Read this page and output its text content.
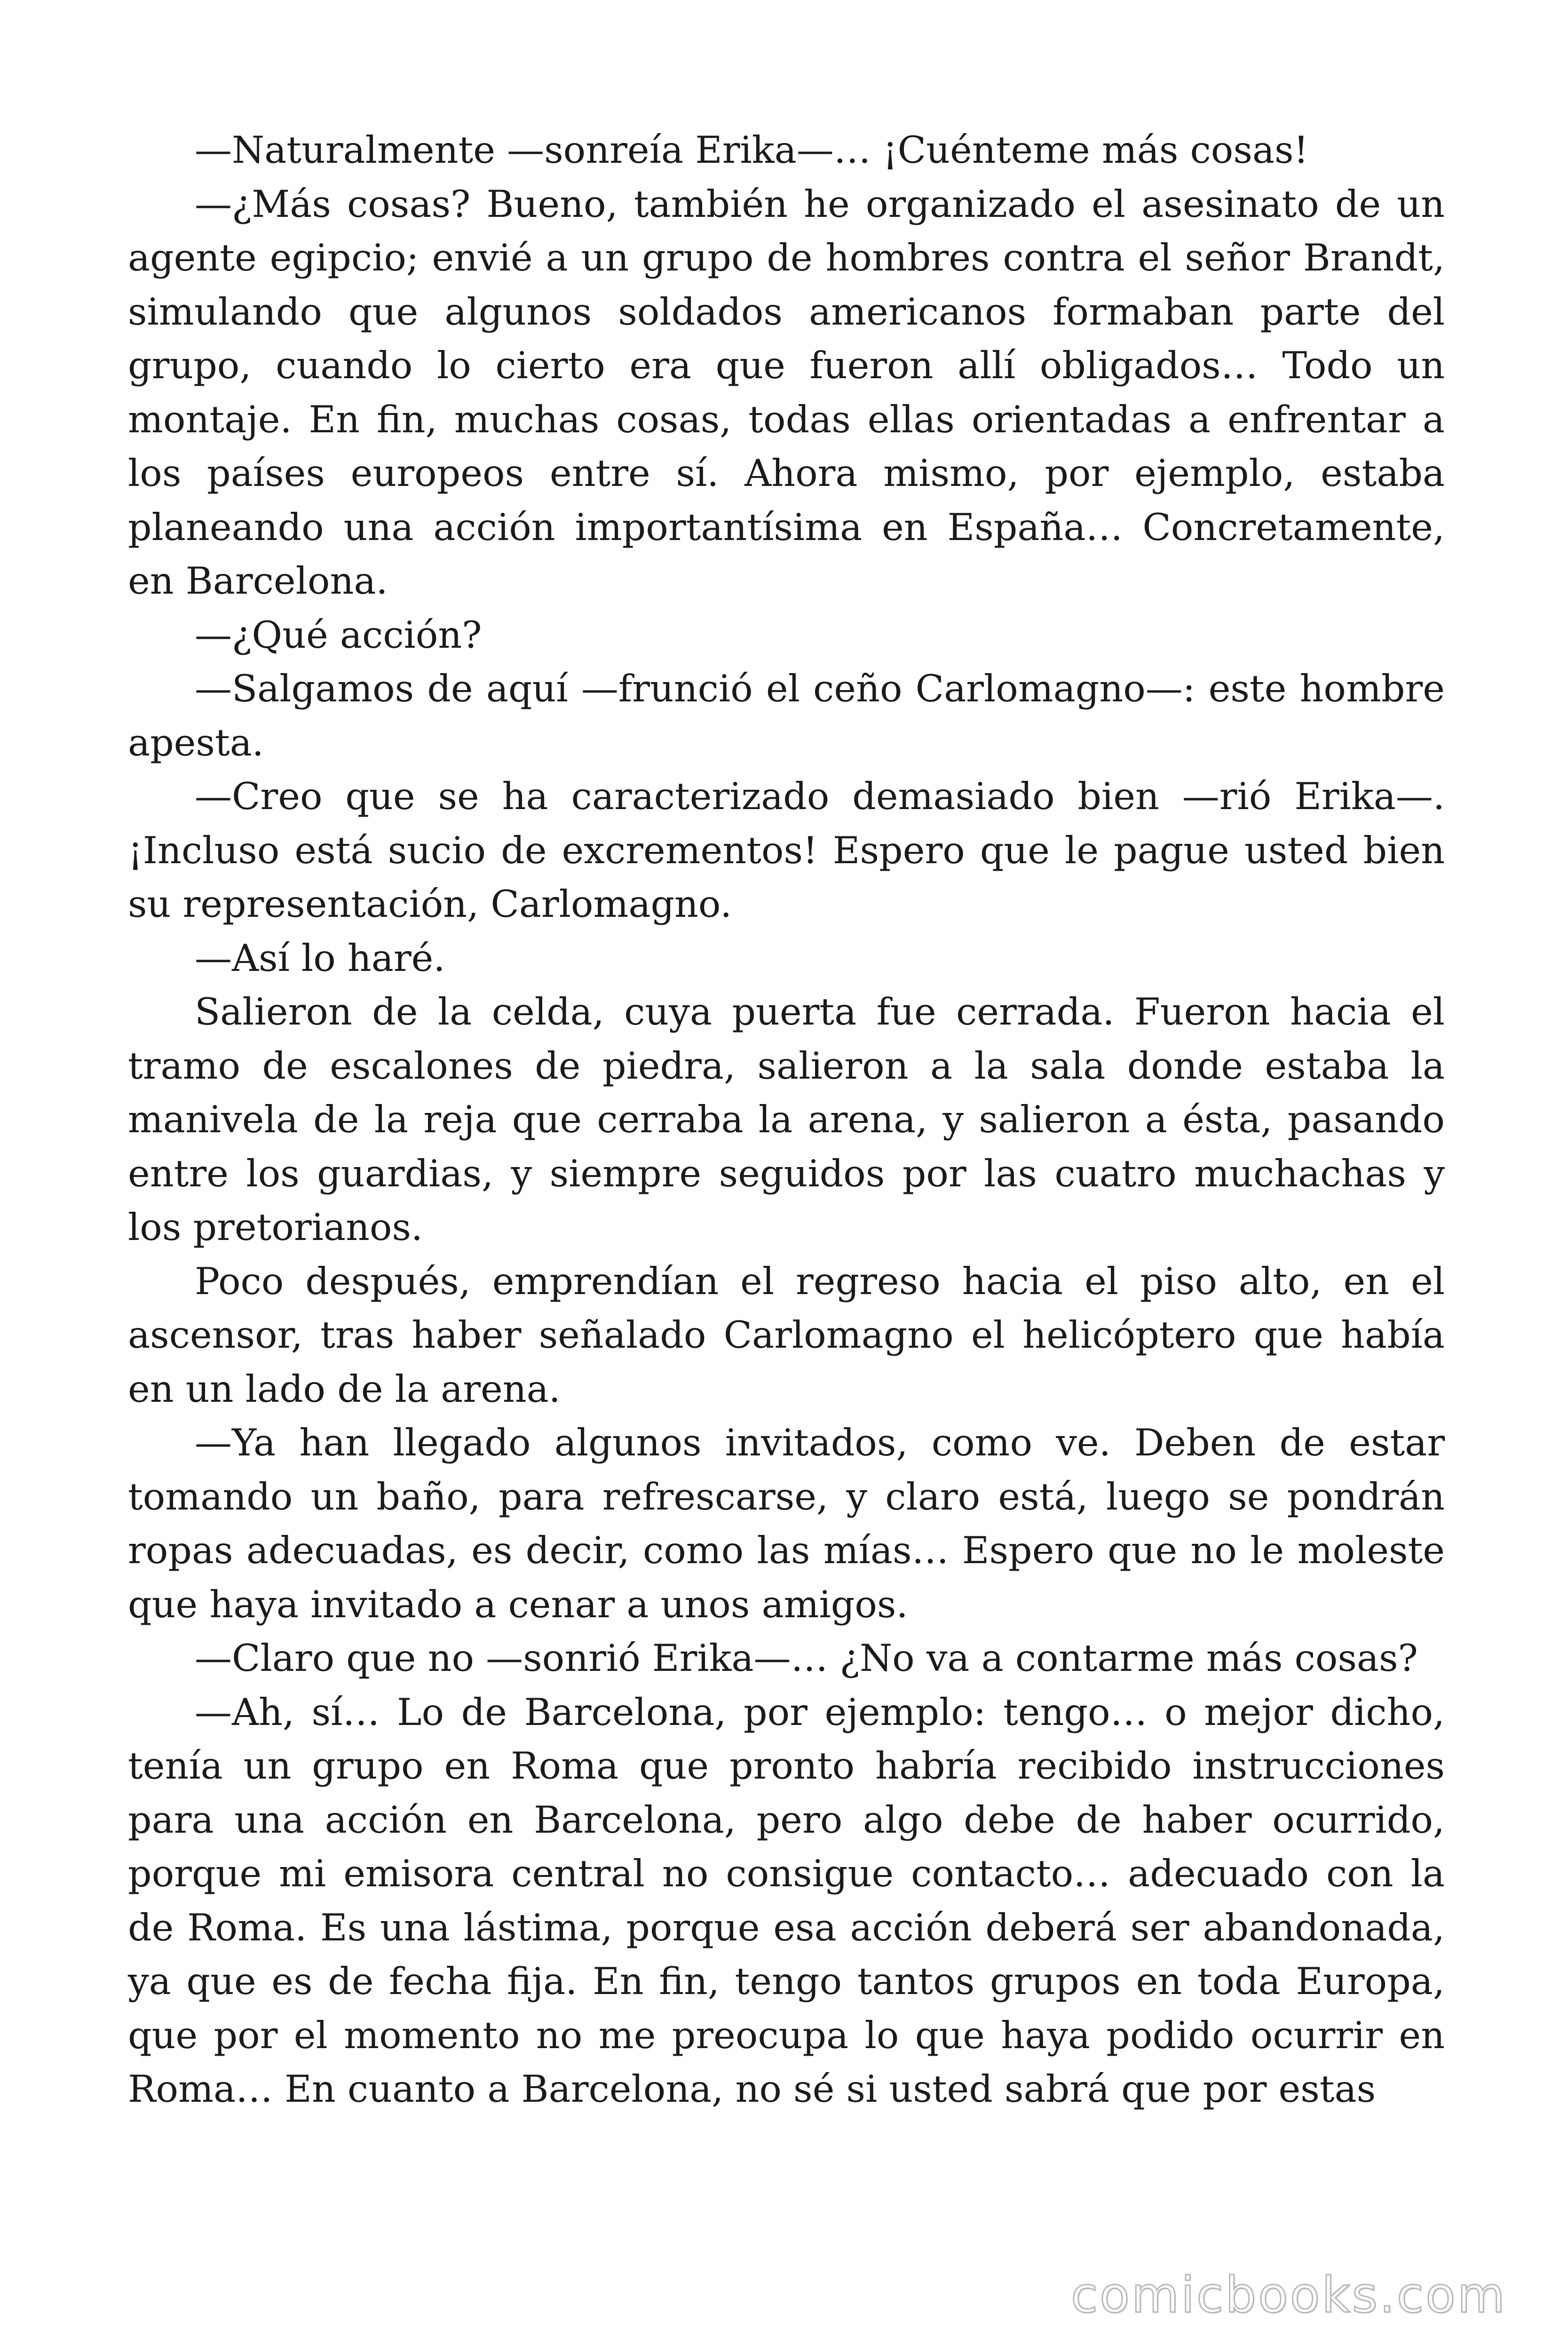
—Naturalmente —sonreía Erika—… ¡Cuénteme más cosas!

—¿Más cosas? Bueno, también he organizado el asesinato de un agente egipcio; envié a un grupo de hombres contra el señor Brandt, simulando que algunos soldados americanos formaban parte del grupo, cuando lo cierto era que fueron allí obligados… Todo un montaje. En fin, muchas cosas, todas ellas orientadas a enfrentar a los países europeos entre sí. Ahora mismo, por ejemplo, estaba planeando una acción importantísima en España… Concretamente, en Barcelona.

—¿Qué acción?

—Salgamos de aquí —frunció el ceño Carlomagno—: este hombre apesta.

—Creo que se ha caracterizado demasiado bien —rió Erika—. ¡Incluso está sucio de excrementos! Espero que le pague usted bien su representación, Carlomagno.

—Así lo haré.

Salieron de la celda, cuya puerta fue cerrada. Fueron hacia el tramo de escalones de piedra, salieron a la sala donde estaba la manivela de la reja que cerraba la arena, y salieron a ésta, pasando entre los guardias, y siempre seguidos por las cuatro muchachas y los pretorianos.

Poco después, emprendían el regreso hacia el piso alto, en el ascensor, tras haber señalado Carlomagno el helicóptero que había en un lado de la arena.

—Ya han llegado algunos invitados, como ve. Deben de estar tomando un baño, para refrescarse, y claro está, luego se pondrán ropas adecuadas, es decir, como las mías… Espero que no le moleste que haya invitado a cenar a unos amigos.

—Claro que no —sonrió Erika—… ¿No va a contarme más cosas?

—Ah, sí… Lo de Barcelona, por ejemplo: tengo… o mejor dicho, tenía un grupo en Roma que pronto habría recibido instrucciones para una acción en Barcelona, pero algo debe de haber ocurrido, porque mi emisora central no consigue contacto… adecuado con la de Roma. Es una lástima, porque esa acción deberá ser abandonada, ya que es de fecha fija. En fin, tengo tantos grupos en toda Europa, que por el momento no me preocupa lo que haya podido ocurrir en Roma… En cuanto a Barcelona, no sé si usted sabrá que por estas

comicbooks.com
